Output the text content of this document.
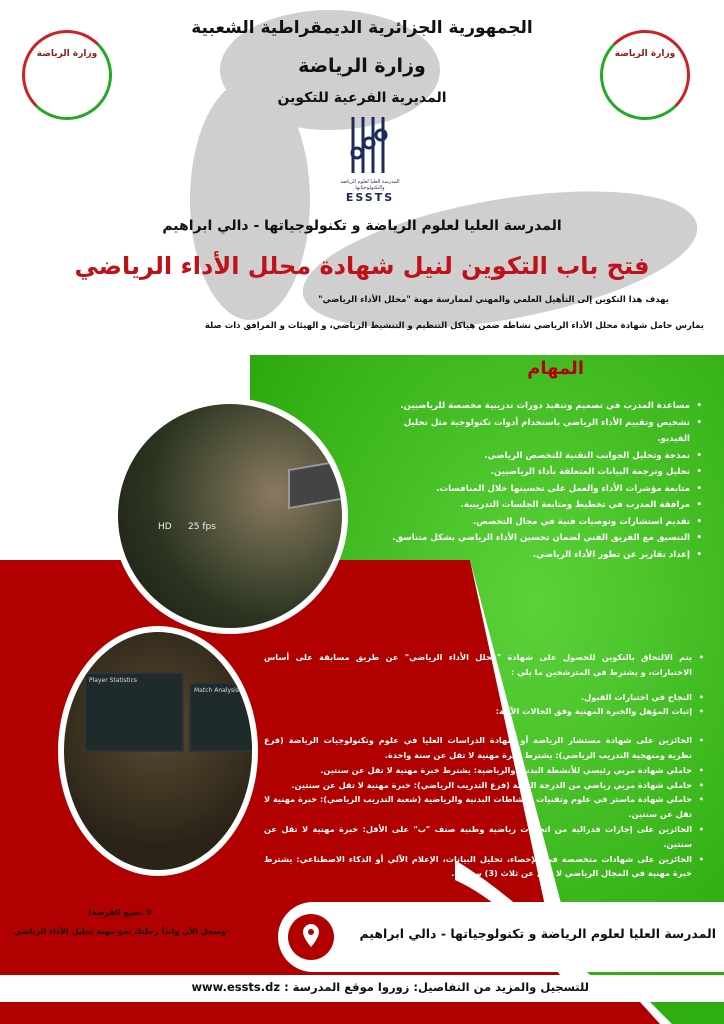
وزارة الرياضة	وزارة الرياضة
الجمهورية الجزائرية الديمقراطية الشعبية
وزارة الرياضة
المديرية الفرعية للتكوين
المدرسة العليا لعلوم الرياضة والتكنولوجياتها
ESSTS
المدرسة العليا لعلوم الرياضة و تكنولوجياتها - دالي ابراهيم
فتح باب التكوين لنيل شهادة محلل الأداء الرياضي
يهدف هذا التكوين إلى التأهيل العلمي والمهني لممارسة مهنة "محلل الأداء الرياضي"
يمارس حامل شهادة محلل الأداء الرياضي نشاطه ضمن هياكل التنظيم و التنشيط الرياضي، و الهيئات و المرافق ذات صلة
المهام
• مساعدة المدرب في تصميم وتنفيذ دورات تدريبية مخصصة للرياضيين.
• تشخيص وتقييم الأداء الرياضي باستخدام أدوات تكنولوجية مثل تحليل الفيديو.
• نمذجة وتحليل الجوانب التقنية للتخصص الرياضي.
• تحليل وترجمة البيانات المتعلقة بأداء الرياضيين.
• متابعة مؤشرات الأداء والعمل على تحسينها خلال المنافسات.
• مرافقة المدرب في تخطيط ومتابعة الجلسات التدريبية.
• تقديم استشارات وتوصيات فنية في مجال التخصص.
• التنسيق مع الفريق الفني لضمان تحسين الأداء الرياضي بشكل متناسق.
• إعداد تقارير عن تطور الأداء الرياضي.
HD 25 fps
Player Statistics
Match Analysis
شروط الالتحاق بالتكوين
• يتم الالتحاق بالتكوين للحصول على شهادة "محلل الأداء الرياضي" عن طريق مسابقة على أساس الاختبارات، و يشترط في المترشحين ما يلي :
• النجاح في اختبارات القبول.
• إثبات المؤهل والخبرة المهنية وفق الحالات الآتية:
• الحائزين على شهادة مستشار الرياضة أو شهادة الدراسات العليا في علوم وتكنولوجيات الرياضة (فرع نظرية ومنهجية التدريب الرياضي): يشترط خبرة مهنية لا تقل عن سنة واحدة.
• حاملي شهادة مربي رئيسي للأنشطة البدنية والرياضية: يشترط خبرة مهنية لا تقل عن سنتين.
• حاملي شهادة مربي رياضي من الدرجة الثالثة (فرع التدريب الرياضي): خبرة مهنية لا تقل عن سنتين.
• حاملي شهادة ماستر في علوم وتقنيات النشاطات البدنية والرياضية (شعبة التدريب الرياضي): خبرة مهنية لا تقل عن سنتين.
• الحائزين على إجازات فدرالية من اتحادات رياضية وطنية صنف "ب" على الأقل: خبرة مهنية لا تقل عن سنتين.
• الحائزين على شهادات متخصصة في الإحصاء، تحليل البيانات، الإعلام الآلي أو الذكاء الاصطناعي: يشترط خبرة مهنية في المجال الرياضي لا تقل عن ثلاث (3) سنوات.
لا تضيع الفرصة!
وسجل الآن وابدأ رحلتك نحو مهنة تحليل الأداء الرياضي	المدرسة العليا لعلوم الرياضة و تكنولوجياتها - دالي ابراهيم
للتسجيل والمزيد من التفاصيل: زوروا موقع المدرسة : www.essts.dz
